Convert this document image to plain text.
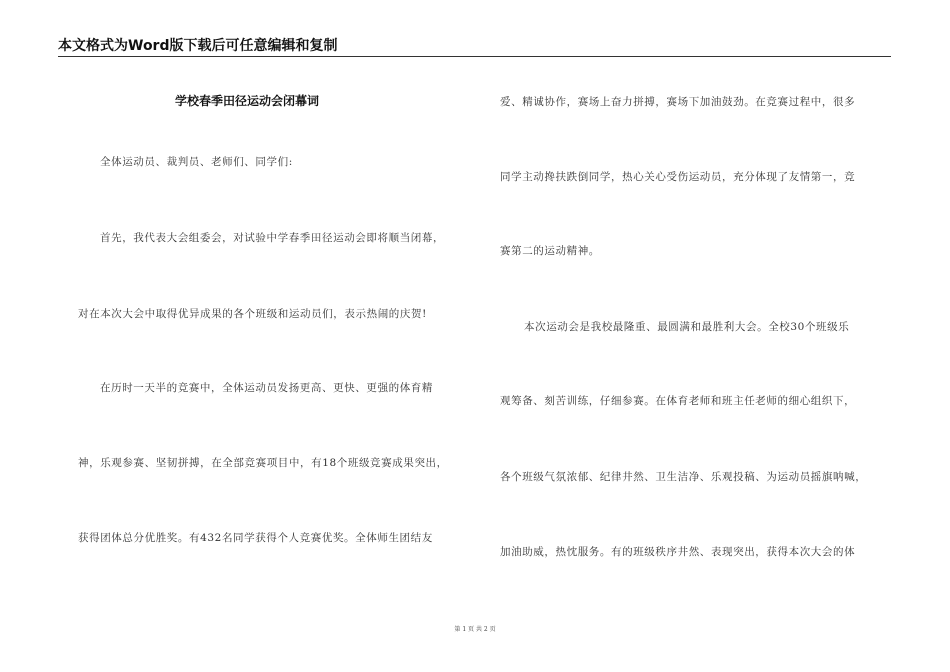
本文格式为Word版下载后可任意编辑和复制
学校春季田径运动会闭幕词
全体运动员、裁判员、老师们、同学们:
首先，我代表大会组委会，对试验中学春季田径运动会即将顺当闭幕，
对在本次大会中取得优异成果的各个班级和运动员们，表示热闹的庆贺!
在历时一天半的竞赛中，全体运动员发扬更高、更快、更强的体育精
神，乐观参赛、坚韧拼搏，在全部竞赛项目中，有18个班级竞赛成果突出，
获得团体总分优胜奖。有432名同学获得个人竞赛优奖。全体师生团结友
爱、精诚协作，赛场上奋力拼搏，赛场下加油鼓劲。在竞赛过程中，很多
同学主动搀扶跌倒同学，热心关心受伤运动员，充分体现了友情第一，竞
赛第二的运动精神。
本次运动会是我校最隆重、最圆满和最胜利大会。全校30个班级乐
观筹备、刻苦训练，仔细参赛。在体育老师和班主任老师的细心组织下，
各个班级气氛浓郁、纪律井然、卫生洁净、乐观投稿、为运动员摇旗呐喊，
加油助威，热忱服务。有的班级秩序井然、表现突出，获得本次大会的体
第 1 页 共 2 页
